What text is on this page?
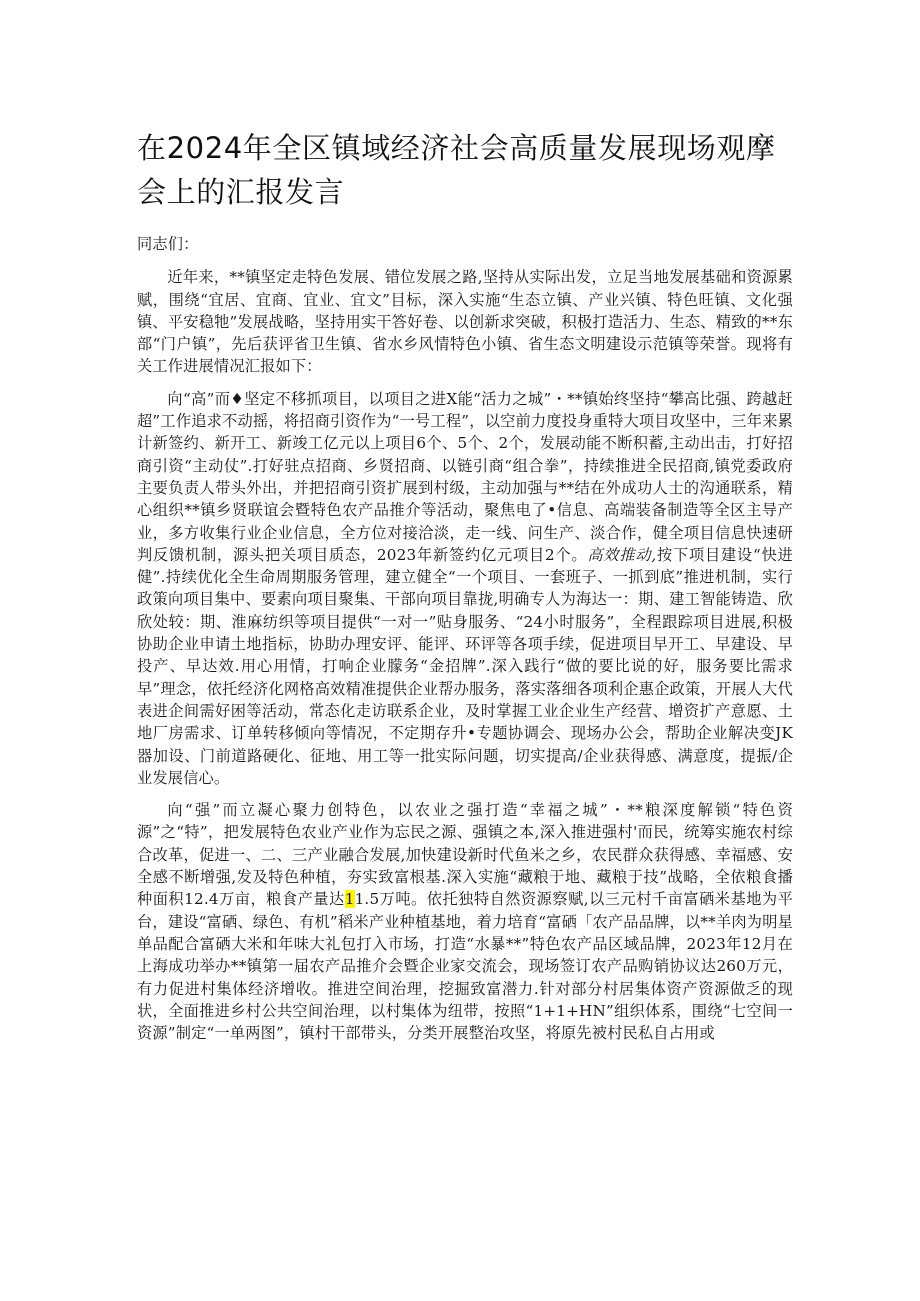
在2024年全区镇域经济社会高质量发展现场观摩会上的汇报发言

同志们：

近年来，**镇坚定走特色发展、错位发展之路,坚持从实际出发，立足当地发展基础和资源累赋，围绕“宜居、宜商、宜业、宜文”目标，深入实施“生态立镇、产业兴镇、特色旺镇、文化强镇、平安稳牠”发展战略，坚持用实干答好卷、以创新求突破，积极打造活力、生态、精致的**东部“门户镇”，先后获评省卫生镇、省水乡风情特色小镇、省生态文明建设示范镇等荣誉。现将有关工作进展情况汇报如下：

向“高”而♦坚定不移抓项目，以项目之进X能“活力之城”・**镇始终坚持“攀高比强、跨越赶超”工作追求不动摇，将招商引资作为“一号工程”，以空前力度投身重特大项目攻坚中，三年来累计新签约、新开工、新竣工亿元以上项目6个、5个、2个，发展动能不断积蓄,主动出击，打好招商引资“主动仗”.打好驻点招商、乡贤招商、以链引商“组合拳”，持续推进全民招商,镇党委政府主要负责人带头外出，并把招商引资扩展到村级，主动加强与**结在外成功人士的沟通联系，精心组织**镇乡贤联谊会暨特色农产品推介等活动，聚焦电了•信息、高端装备制造等全区主导产业，多方收集行业企业信息，全方位对接洽淡，走一线、问生产、淡合作，健全项目信息快速研判反馈机制，源头把关项目质态，2023年新签约亿元项目2个。高效推动,按下项目建设“快进健”.持续优化全生命周期服务管理，建立健全“一个项目、一套班子、一抓到底”推进机制，实行政策向项目集中、要素向项目聚集、干部向项目靠拢,明确专人为海达一：期、建工智能铸造、欣欣处较：期、淮麻纺织等项目提供“一对一”贴身服务、“24小时服务”，全程跟踪项目进展,积极协助企业申请土地指标，协助办理安评、能评、环评等各项手续，促进项目早开工、早建设、早投产、早达效.用心用情，打响企业朦务“金招牌”.深入践行“做的要比说的好，服务要比需求早”理念，依托经济化网格高效精准提供企业帮办服务，落实落细各项利企惠企政策，开展人大代表进企间需好困等活动，常态化走访联系企业，及时掌握工业企业生产经营、增资扩产意愿、土地厂房需求、订单转移倾向等情况，不定期存升•专题协调会、现场办公会，帮助企业解决变JK器加设、门前道路硬化、征地、用工等一批实际问题，切实提高/企业获得感、满意度，提振/企业发展信心。

向“强”而立凝心聚力创特色，以农业之强打造“幸福之城”・**粮深度解锁“特色资源”之“特”，把发展特色农业产业作为忘民之源、强镇之本,深入推进强村'而民，统筹实施农村综合改革，促进一、二、三产业融合发展,加快建设新时代鱼米之乡，农民群众获得感、幸福感、安全感不断增强,发及特色种植，夯实致富根基.深入实施“藏粮于地、藏粮于技”战略，全依粮食播种面积12.4万亩，粮食产量达11.5万吨。依托独特自然资源察赋,以三元村千亩富硒米基地为平台，建设“富硒、绿色、有机”稻米产业种植基地，着力培育“富硒「农产品品牌，以**羊肉为明星单品配合富硒大米和年味大礼包打入市场，打造“水暴**”特色农产品区域品牌，2023年12月在上海成功举办**镇第一届农产品推介会暨企业家交流会，现场签订农产品购销协议达260万元，有力促进村集体经济增收。推进空间治理，挖掘致富潜力.针对部分村居集体资产资源做乏的现状，全面推进乡村公共空间治理，以村集体为纽带，按照“1+1+HN”组织体系，围绕“七空间一资源”制定“一单两图”，镇村干部带头，分类开展整治攻坚，将原先被村民私自占用或
